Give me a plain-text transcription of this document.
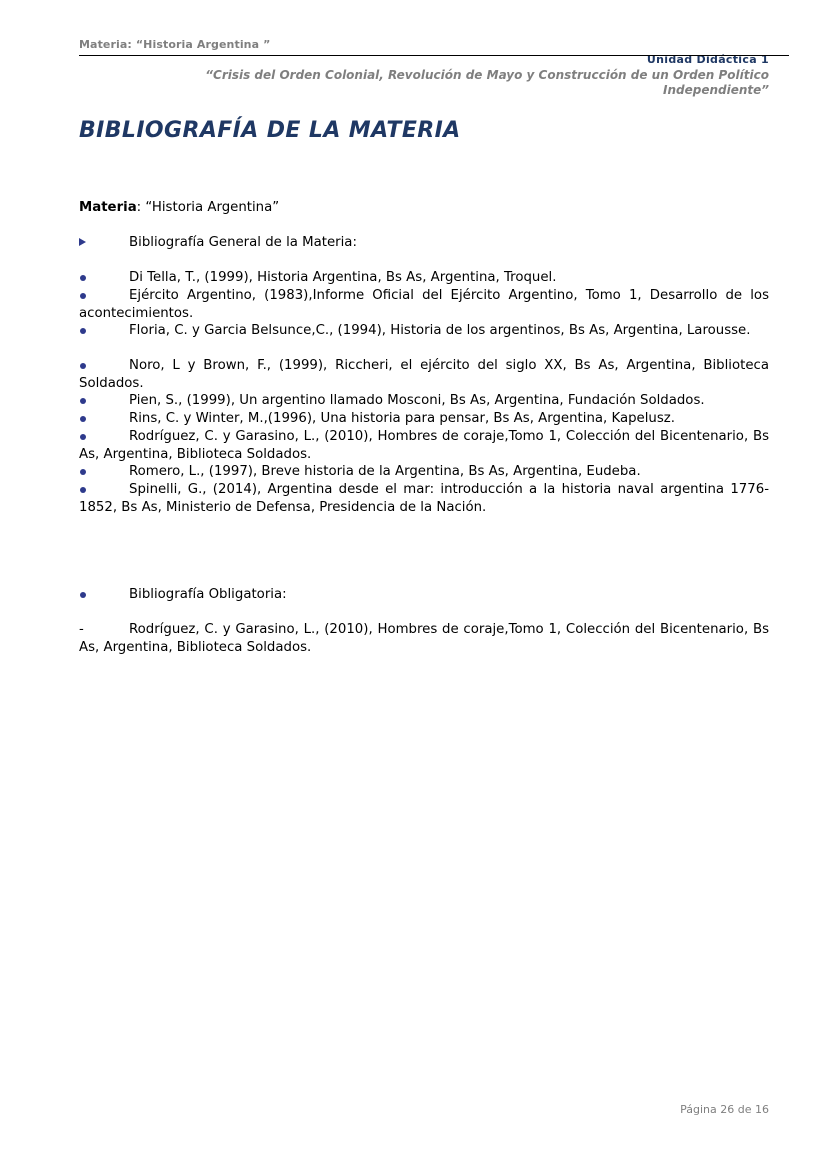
Materia: “Historia Argentina ”
Unidad Didáctica 1
“Crisis del Orden Colonial, Revolución de Mayo y Construcción de un Orden Político Independiente”
BIBLIOGRAFÍA DE LA MATERIA
Materia: “Historia Argentina”
Bibliografía General de la Materia:
Di Tella, T., (1999), Historia Argentina, Bs As, Argentina, Troquel.
Ejército Argentino, (1983),Informe Oficial del Ejército Argentino, Tomo 1, Desarrollo de los acontecimientos.
Floria, C. y Garcia Belsunce,C., (1994), Historia de los argentinos, Bs As, Argentina, Larousse.
Noro, L y Brown, F., (1999), Riccheri, el ejército del siglo XX, Bs As, Argentina, Biblioteca Soldados.
Pien, S., (1999), Un argentino llamado Mosconi, Bs As, Argentina, Fundación Soldados.
Rins, C. y Winter, M.,(1996), Una historia para pensar, Bs As, Argentina, Kapelusz.
Rodríguez, C. y Garasino, L., (2010), Hombres de coraje,Tomo 1, Colección del Bicentenario, Bs As, Argentina, Biblioteca Soldados.
Romero, L., (1997), Breve historia de la Argentina, Bs As, Argentina, Eudeba.
Spinelli, G., (2014), Argentina desde el mar: introducción a la historia naval argentina 1776-1852, Bs As, Ministerio de Defensa, Presidencia de la Nación.
Bibliografía Obligatoria:
-	Rodríguez, C. y Garasino, L., (2010), Hombres de coraje,Tomo 1, Colección del Bicentenario, Bs As, Argentina, Biblioteca Soldados.
Página 26 de 16
